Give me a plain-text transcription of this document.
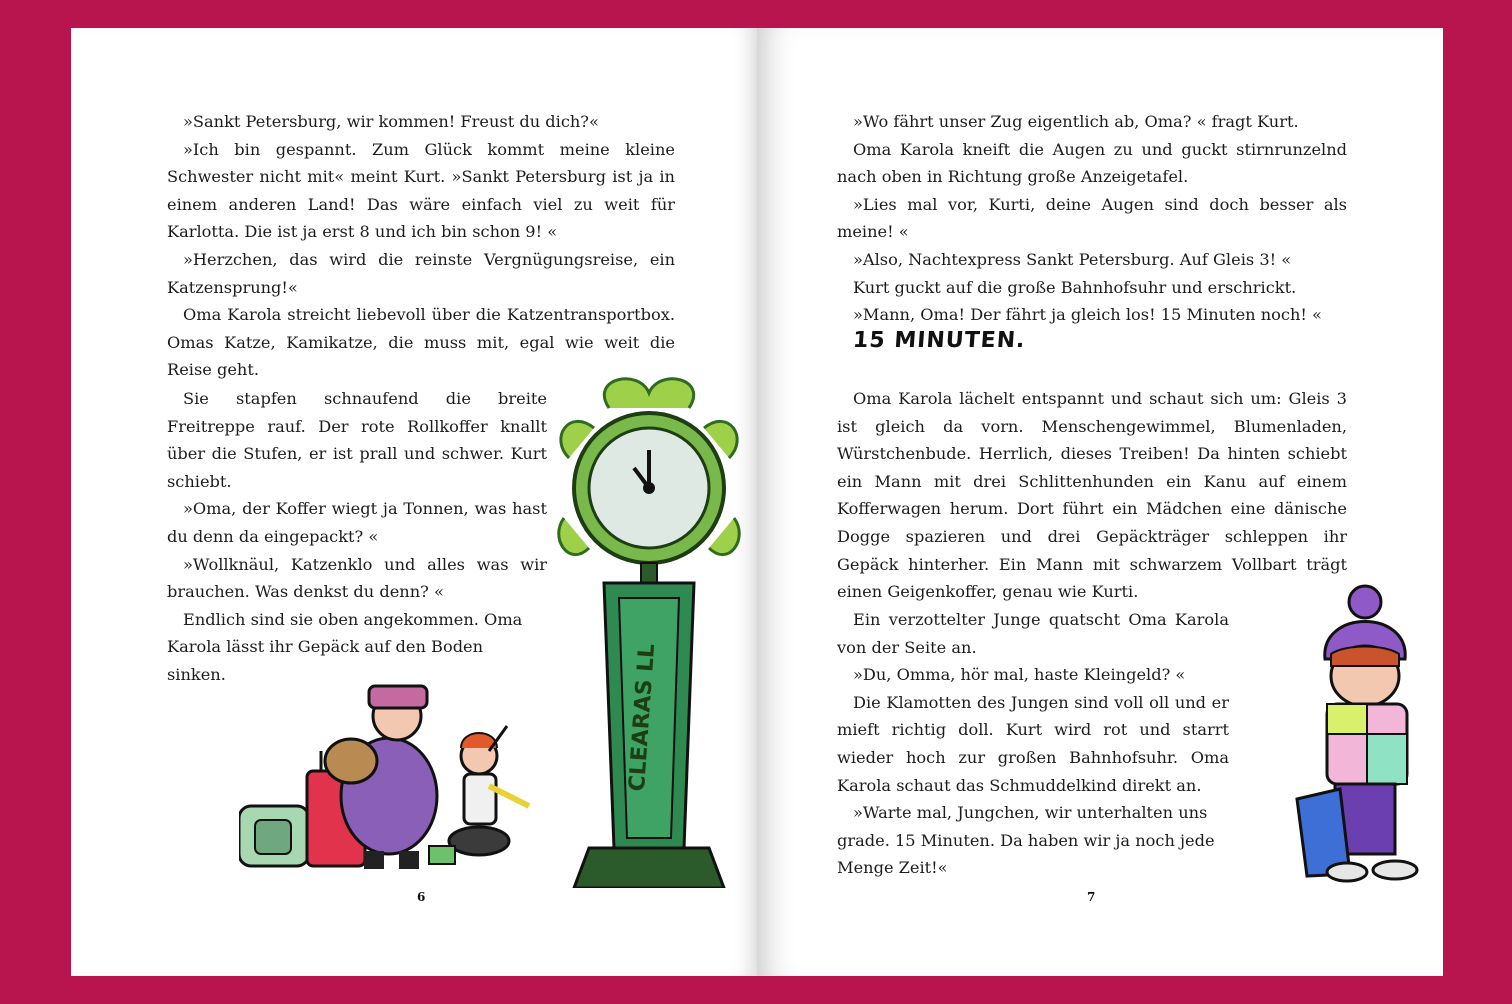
»Sankt Petersburg, wir kommen! Freust du dich?«

»Ich bin gespannt. Zum Glück kommt meine kleine Schwester nicht mit« meint Kurt. »Sankt Petersburg ist ja in einem anderen Land! Das wäre einfach viel zu weit für Karlotta. Die ist ja erst 8 und ich bin schon 9! «

»Herzchen, das wird die reinste Vergnügungsreise, ein Katzensprung!«

Oma Karola streicht liebevoll über die Katzentransportbox. Omas Katze, Kamikatze, die muss mit, egal wie weit die Reise geht.

Sie stapfen schnaufend die breite Freitreppe rauf. Der rote Rollkoffer knallt über die Stufen, er ist prall und schwer. Kurt schiebt.

»Oma, der Koffer wiegt ja Tonnen, was hast du denn da eingepackt? «

»Wollknäul, Katzenklo und alles was wir brauchen. Was denkst du denn? «

Endlich sind sie oben angekommen. Oma Karola lässt ihr Gepäck auf den Boden sinken.	CLEARAS LL
6

»Wo fährt unser Zug eigentlich ab, Oma? « fragt Kurt.

Oma Karola kneift die Augen zu und guckt stirnrunzelnd nach oben in Richtung große Anzeigetafel.

»Lies mal vor, Kurti, deine Augen sind doch besser als meine! «

»Also, Nachtexpress Sankt Petersburg. Auf Gleis 3! «

Kurt guckt auf die große Bahnhofsuhr und erschrickt.

»Mann, Oma! Der fährt ja gleich los! 15 Minuten noch! «

15 MINUTEN.

Oma Karola lächelt entspannt und schaut sich um: Gleis 3 ist gleich da vorn. Menschengewimmel, Blumenladen, Würstchenbude. Herrlich, dieses Treiben! Da hinten schiebt ein Mann mit drei Schlittenhunden ein Kanu auf einem Kofferwagen herum. Dort führt ein Mädchen eine dänische Dogge spazieren und drei Gepäckträger schleppen ihr Gepäck hinterher. Ein Mann mit schwarzem Vollbart trägt einen Geigenkoffer, genau wie Kurti.

Ein verzottelter Junge quatscht Oma Karola von der Seite an.

»Du, Omma, hör mal, haste Kleingeld? «

Die Klamotten des Jungen sind voll oll und er mieft richtig doll. Kurt wird rot und starrt wieder hoch zur großen Bahnhofsuhr. Oma Karola schaut das Schmuddelkind direkt an.

»Warte mal, Jungchen, wir unterhalten uns grade. 15 Minuten. Da haben wir ja noch jede Menge Zeit!«

7
